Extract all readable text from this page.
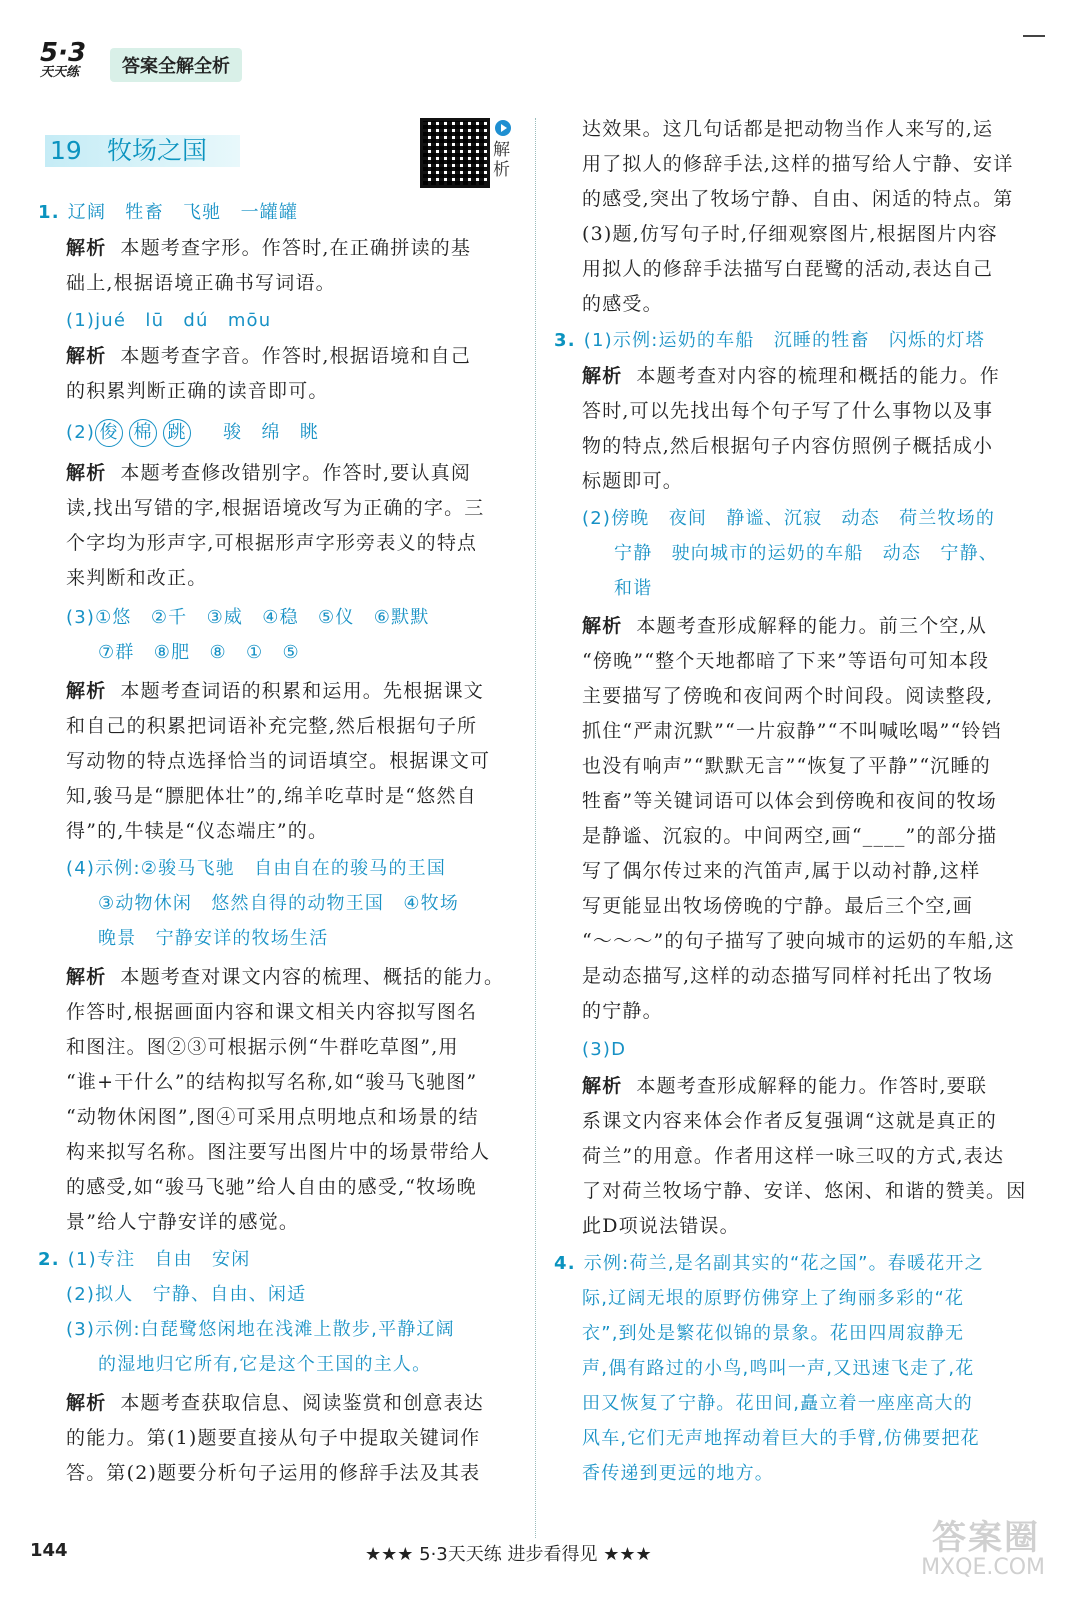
5·3
天天练	答案全解全析
19 牧场之国	解析
1. 辽阔　牲畜　飞驰　一罐罐
解析 本题考查字形。作答时,在正确拼读的基
础上,根据语境正确书写词语。
(1)jué　lū　dú　mōu
解析 本题考查字音。作答时,根据语境和自己
的积累判断正确的读音即可。
(2) 俊 棉 跳 骏　绵　眺
解析 本题考查修改错别字。作答时,要认真阅
读,找出写错的字,根据语境改写为正确的字。三
个字均为形声字,可根据形声字形旁表义的特点
来判断和改正。
(3)①悠　②千　③威　④稳　⑤仪　⑥默默
⑦群　⑧肥　⑧　①　⑤
解析 本题考查词语的积累和运用。先根据课文
和自己的积累把词语补充完整,然后根据句子所
写动物的特点选择恰当的词语填空。根据课文可
知,骏马是“膘肥体壮”的,绵羊吃草时是“悠然自
得”的,牛犊是“仪态端庄”的。
(4)示例:②骏马飞驰　自由自在的骏马的王国
③动物休闲　悠然自得的动物王国　④牧场
晚景　宁静安详的牧场生活
解析 本题考查对课文内容的梳理、概括的能力。
作答时,根据画面内容和课文相关内容拟写图名
和图注。图②③可根据示例“牛群吃草图”,用
“谁+干什么”的结构拟写名称,如“骏马飞驰图”
“动物休闲图”,图④可采用点明地点和场景的结
构来拟写名称。图注要写出图片中的场景带给人
的感受,如“骏马飞驰”给人自由的感受,“牧场晚
景”给人宁静安详的感觉。
2. (1)专注　自由　安闲
(2)拟人　宁静、自由、闲适
(3)示例:白琵鹭悠闲地在浅滩上散步,平静辽阔
的湿地归它所有,它是这个王国的主人。
解析 本题考查获取信息、阅读鉴赏和创意表达
的能力。第(1)题要直接从句子中提取关键词作
答。第(2)题要分析句子运用的修辞手法及其表
达效果。这几句话都是把动物当作人来写的,运
用了拟人的修辞手法,这样的描写给人宁静、安详
的感受,突出了牧场宁静、自由、闲适的特点。第
(3)题,仿写句子时,仔细观察图片,根据图片内容
用拟人的修辞手法描写白琵鹭的活动,表达自己
的感受。
3. (1)示例:运奶的车船　沉睡的牲畜　闪烁的灯塔
解析 本题考查对内容的梳理和概括的能力。作
答时,可以先找出每个句子写了什么事物以及事
物的特点,然后根据句子内容仿照例子概括成小
标题即可。
(2)傍晚　夜间　静谧、沉寂　动态　荷兰牧场的
宁静　驶向城市的运奶的车船　动态　宁静、
和谐
解析 本题考查形成解释的能力。前三个空,从
“傍晚”“整个天地都暗了下来”等语句可知本段
主要描写了傍晚和夜间两个时间段。阅读整段,
抓住“严肃沉默”“一片寂静”“不叫喊吆喝”“铃铛
也没有响声”“默默无言”“恢复了平静”“沉睡的
牲畜”等关键词语可以体会到傍晚和夜间的牧场
是静谧、沉寂的。中间两空,画“____”的部分描
写了偶尔传过来的汽笛声,属于以动衬静,这样
写更能显出牧场傍晚的宁静。最后三个空,画
“～～～”的句子描写了驶向城市的运奶的车船,这
是动态描写,这样的动态描写同样衬托出了牧场
的宁静。
(3)D
解析 本题考查形成解释的能力。作答时,要联
系课文内容来体会作者反复强调“这就是真正的
荷兰”的用意。作者用这样一咏三叹的方式,表达
了对荷兰牧场宁静、安详、悠闲、和谐的赞美。因
此D项说法错误。
4. 示例:荷兰,是名副其实的“花之国”。春暖花开之
际,辽阔无垠的原野仿佛穿上了绚丽多彩的“花
衣”,到处是繁花似锦的景象。花田四周寂静无
声,偶有路过的小鸟,鸣叫一声,又迅速飞走了,花
田又恢复了宁静。花田间,矗立着一座座高大的
风车,它们无声地挥动着巨大的手臂,仿佛要把花
香传递到更远的地方。
144	★★★ 5·3天天练 进步看得见 ★★★	答案圈
MXQE.COM
